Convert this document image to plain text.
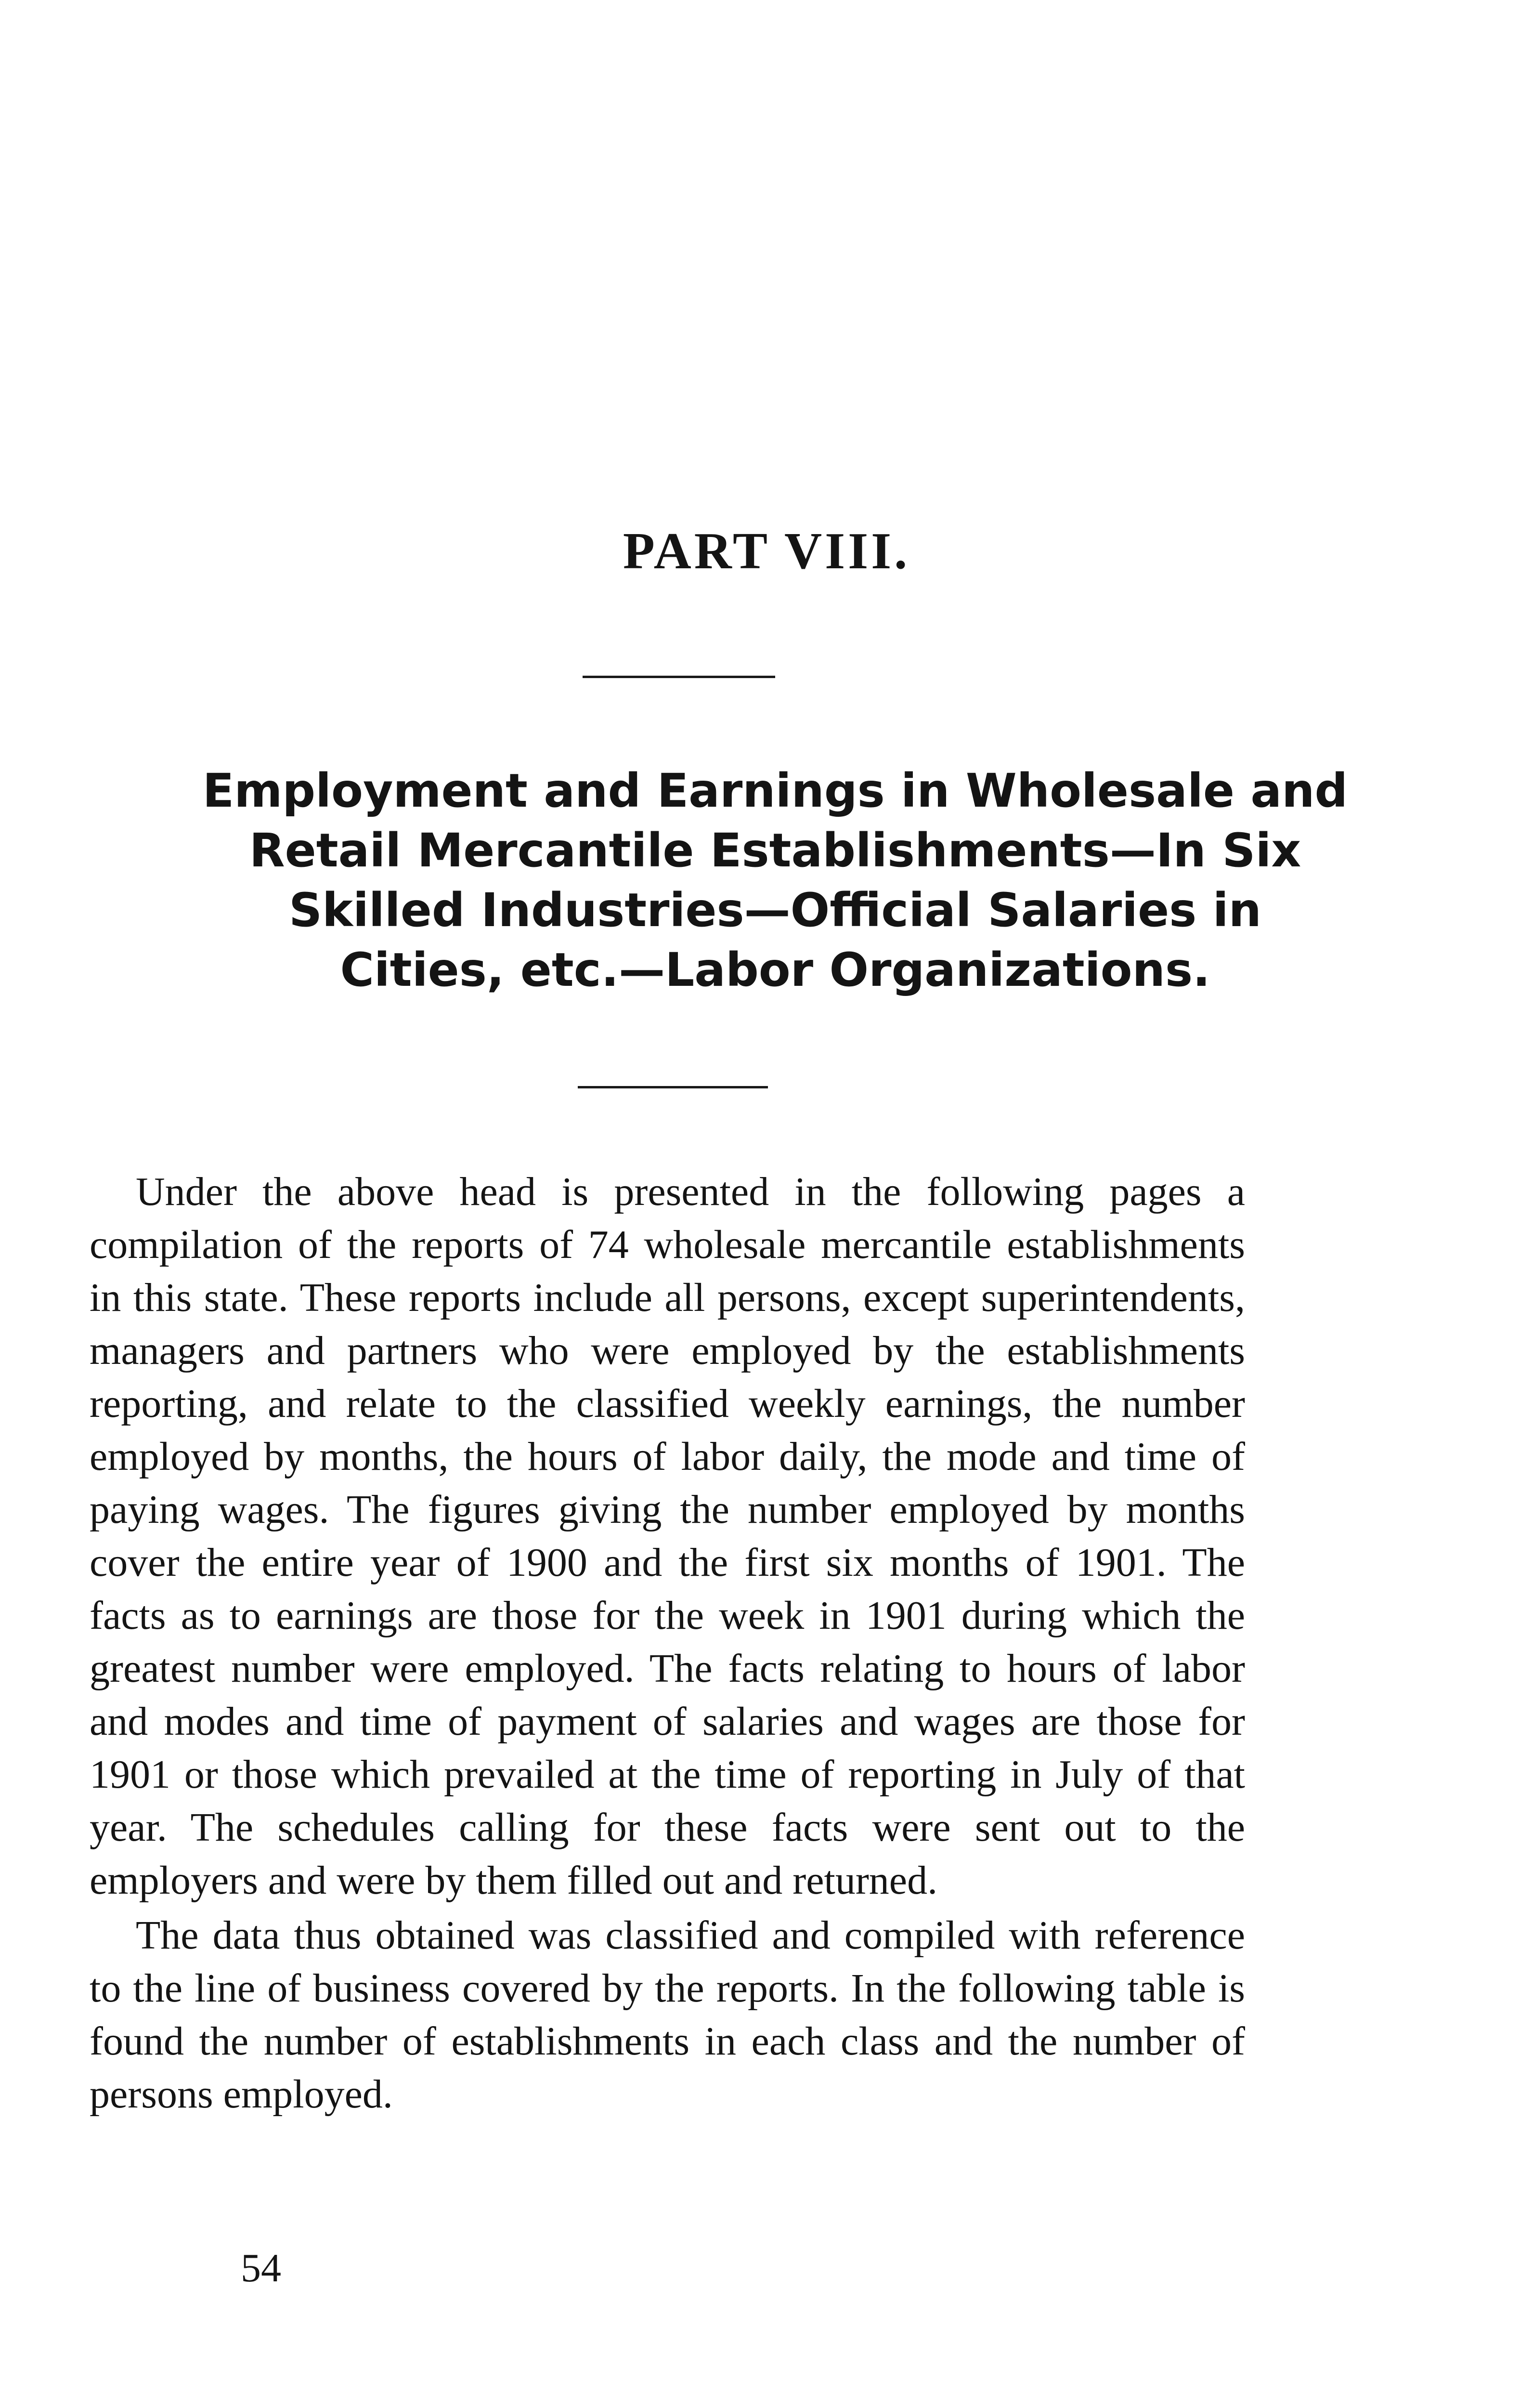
PART VIII.
Employment and Earnings in Wholesale and
Retail Mercantile Establishments—In Six
Skilled Industries—Official Salaries in
Cities, etc.—Labor Organizations.

Under the above head is presented in the following pages a compilation of the reports of 74 wholesale mercantile establishments in this state. These reports include all persons, except superintendents, managers and partners who were employed by the establishments reporting, and relate to the classified weekly earnings, the number employed by months, the hours of labor daily, the mode and time of paying wages. The figures giving the number employed by months cover the entire year of 1900 and the first six months of 1901. The facts as to earnings are those for the week in 1901 during which the greatest number were employed. The facts relating to hours of labor and modes and time of payment of salaries and wages are those for 1901 or those which prevailed at the time of reporting in July of that year. The schedules calling for these facts were sent out to the employers and were by them filled out and returned.

The data thus obtained was classified and compiled with reference to the line of business covered by the reports. In the following table is found the number of establishments in each class and the number of persons employed.

54
